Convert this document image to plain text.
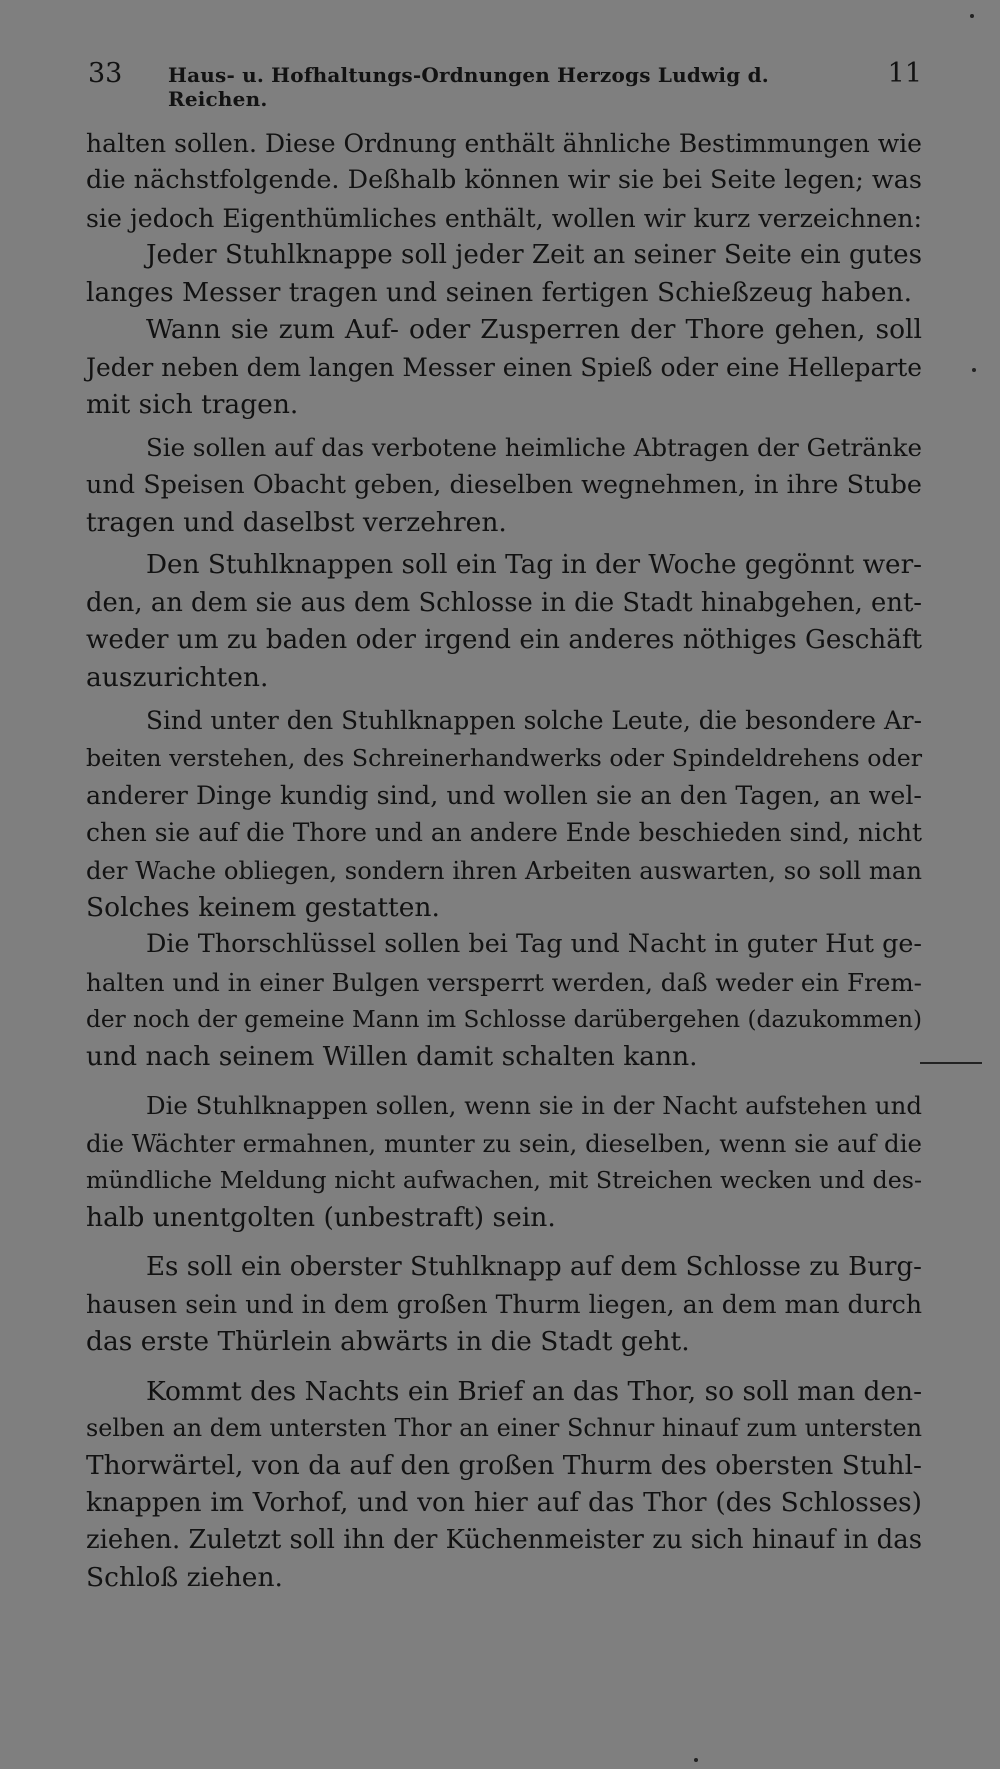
33	Haus- u. Hofhaltungs-Ordnungen Herzogs Ludwig d. Reichen.
11
halten sollen. Diese Ordnung enthält ähnliche Bestimmungen wie
die nächstfolgende. Deßhalb können wir sie bei Seite legen; was
sie jedoch Eigenthümliches enthält, wollen wir kurz verzeichnen:
Jeder Stuhlknappe soll jeder Zeit an seiner Seite ein gutes
langes Messer tragen und seinen fertigen Schießzeug haben.
Wann sie zum Auf- oder Zusperren der Thore gehen, soll
Jeder neben dem langen Messer einen Spieß oder eine Helleparte
mit sich tragen.
Sie sollen auf das verbotene heimliche Abtragen der Getränke
und Speisen Obacht geben, dieselben wegnehmen, in ihre Stube
tragen und daselbst verzehren.
Den Stuhlknappen soll ein Tag in der Woche gegönnt wer-
den, an dem sie aus dem Schlosse in die Stadt hinabgehen, ent-
weder um zu baden oder irgend ein anderes nöthiges Geschäft
auszurichten.
Sind unter den Stuhlknappen solche Leute, die besondere Ar-
beiten verstehen, des Schreinerhandwerks oder Spindeldrehens oder
anderer Dinge kundig sind, und wollen sie an den Tagen, an wel-
chen sie auf die Thore und an andere Ende beschieden sind, nicht
der Wache obliegen, sondern ihren Arbeiten auswarten, so soll man
Solches keinem gestatten.
Die Thorschlüssel sollen bei Tag und Nacht in guter Hut ge-
halten und in einer Bulgen versperrt werden, daß weder ein Frem-
der noch der gemeine Mann im Schlosse darübergehen (dazukommen)
und nach seinem Willen damit schalten kann.
Die Stuhlknappen sollen, wenn sie in der Nacht aufstehen und
die Wächter ermahnen, munter zu sein, dieselben, wenn sie auf die
mündliche Meldung nicht aufwachen, mit Streichen wecken und des-
halb unentgolten (unbestraft) sein.
Es soll ein oberster Stuhlknapp auf dem Schlosse zu Burg-
hausen sein und in dem großen Thurm liegen, an dem man durch
das erste Thürlein abwärts in die Stadt geht.
Kommt des Nachts ein Brief an das Thor, so soll man den-
selben an dem untersten Thor an einer Schnur hinauf zum untersten
Thorwärtel, von da auf den großen Thurm des obersten Stuhl-
knappen im Vorhof, und von hier auf das Thor (des Schlosses)
ziehen. Zuletzt soll ihn der Küchenmeister zu sich hinauf in das
Schloß ziehen.
